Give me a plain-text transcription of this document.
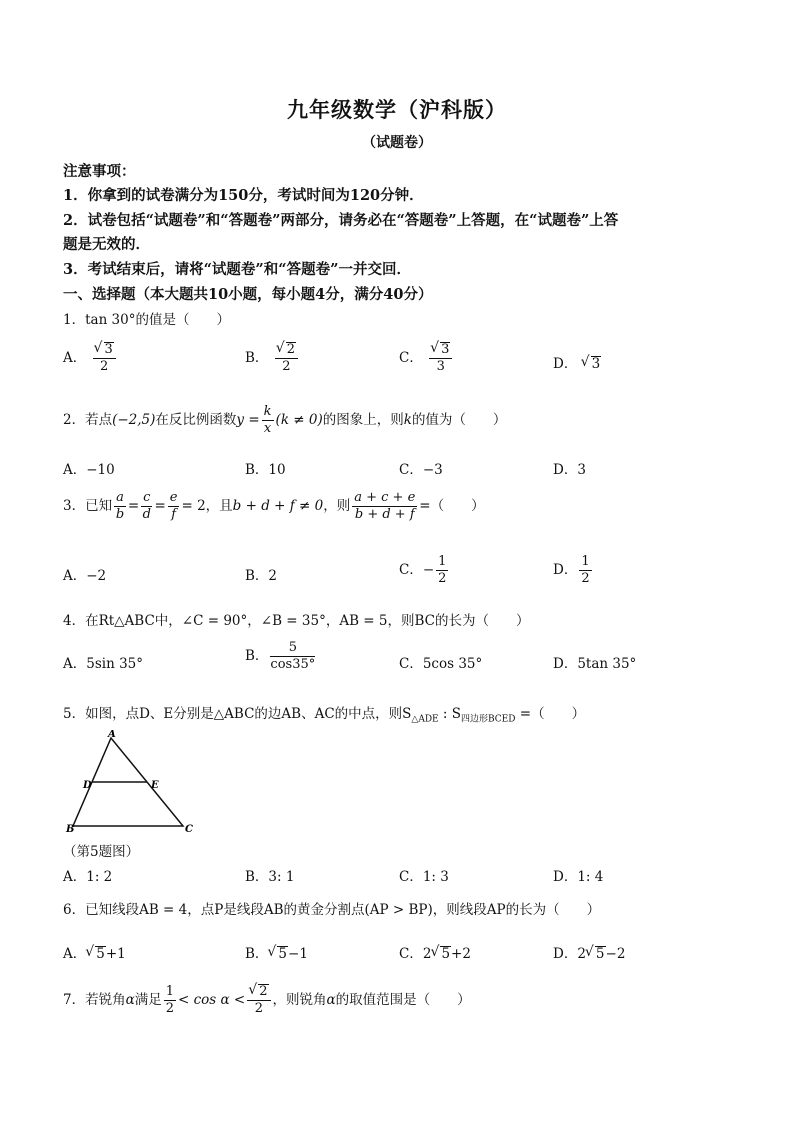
九年级数学（沪科版）
（试题卷）
注意事项：
1．你拿到的试卷满分为150分，考试时间为120分钟．
2．试卷包括“试题卷”和“答题卷”两部分，请务必在“答题卷”上答题，在“试题卷”上答
题是无效的．
3．考试结束后，请将“试题卷”和“答题卷”一并交回．
一、选择题（本大题共10小题，每小题4分，满分40分）
1．tan 30°的值是（　　）
A． √ $\frac{3}{2}$	B． √ $\frac{2}{2}$	C． √ $\frac{3}{3}$	D． √ 3
2．若点(−2,5)在反比例函数$y = \frac{k}{x} (k \ne 0)$的图象上，则k的值为（　　）
A．−10	B．10	C．−3	D．3
3．已知 $\frac{a}{b} = \frac{c}{d} = \frac{e}{f} = 2$，且b + d + f ≠ 0，则 $\frac{a + c + e}{b + d + f}$ =（　　）
A．−2	B．2	C．− $\frac{1}{2}$	D． $\frac{1}{2}$
4．在Rt△ABC中，∠C = 90°，∠B = 35°，AB = 5，则BC的长为（　　）
A．5sin 35°	B． $\frac{5}{\cos 35^\circ}$	C．5cos 35°	D．5tan 35°
5．如图，点D、E分别是△ABC的边AB、AC的中点，则$S_{\triangle ADE}$ : $S_{四边形BCED}$ =（　　）
A
D	E
B	C
（第5题图）
A．1: 2	B．3: 1	C．1: 3	D．1: 4
6．已知线段AB = 4，点P是线段AB的黄金分割点(AP > BP)，则线段AP的长为（　　）
A． √ 5+1	B． √ 5−1	C．2 √ 5+2	D．2 √ 5−2
7．若锐角α满足 $\frac{1}{2} < \cos \alpha$ < √ $\frac{2}{2}$ ，则锐角α的取值范围是（　　）
